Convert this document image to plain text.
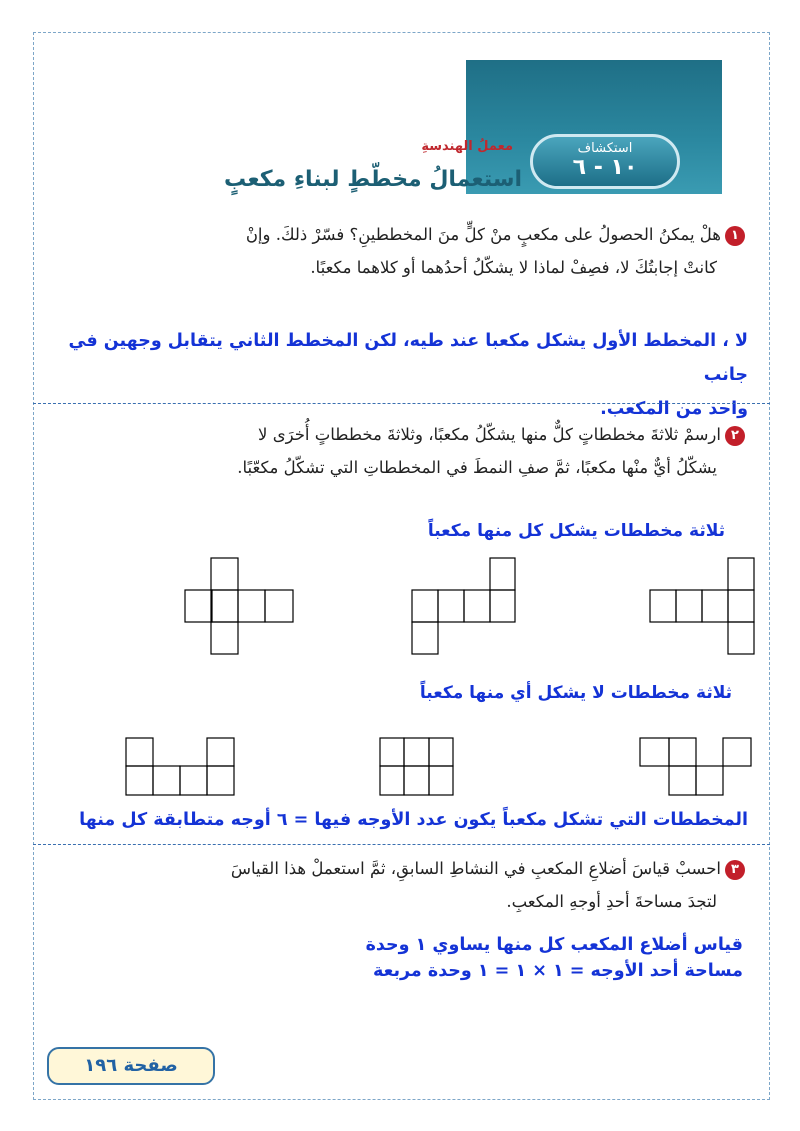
استكشاف
١٠ - ٦
معملُ الهندسةِ
استعمالُ مخطّطٍ لبناءِ مكعبٍ
١هلْ يمكنُ الحصولُ على مكعبٍ منْ كلٍّ منَ المخططينِ؟ فسّرْ ذلكَ. وإنْ
كانتْ إجابتُكَ لا، فصِفْ لماذا لا يشكّلُ أحدُهما أو كلاهما مكعبًا.
لا ، المخطط الأول يشكل مكعبا عند طيه، لكن المخطط الثاني يتقابل وجهين في جانب
واحد من المكعب.
٢ارسمْ ثلاثةَ مخططاتٍ كلٌّ منها يشكّلُ مكعبًا، وثلاثةَ مخططاتٍ أُخرَى لا
يشكّلُ أيٌّ منْها مكعبًا، ثمَّ صفِ النمطَ في المخططاتِ التي تشكّلُ مكعّبًا.
ثلاثة مخططات يشكل كل منها مكعباً
ثلاثة مخططات لا يشكل أي منها مكعباً
المخططات التي تشكل مكعباً يكون عدد الأوجه فيها = ٦ أوجه متطابقة كل منها
٣احسبْ قياسَ أضلاعِ المكعبِ في النشاطِ السابقِ، ثمَّ استعملْ هذا القياسَ
لتجدَ مساحةَ أحدِ أوجهِ المكعبِ.
قياس أضلاع المكعب كل منها يساوي ١ وحدة
مساحة أحد الأوجه = ١ × ١ = ١ وحدة مربعة
صفحة ١٩٦
